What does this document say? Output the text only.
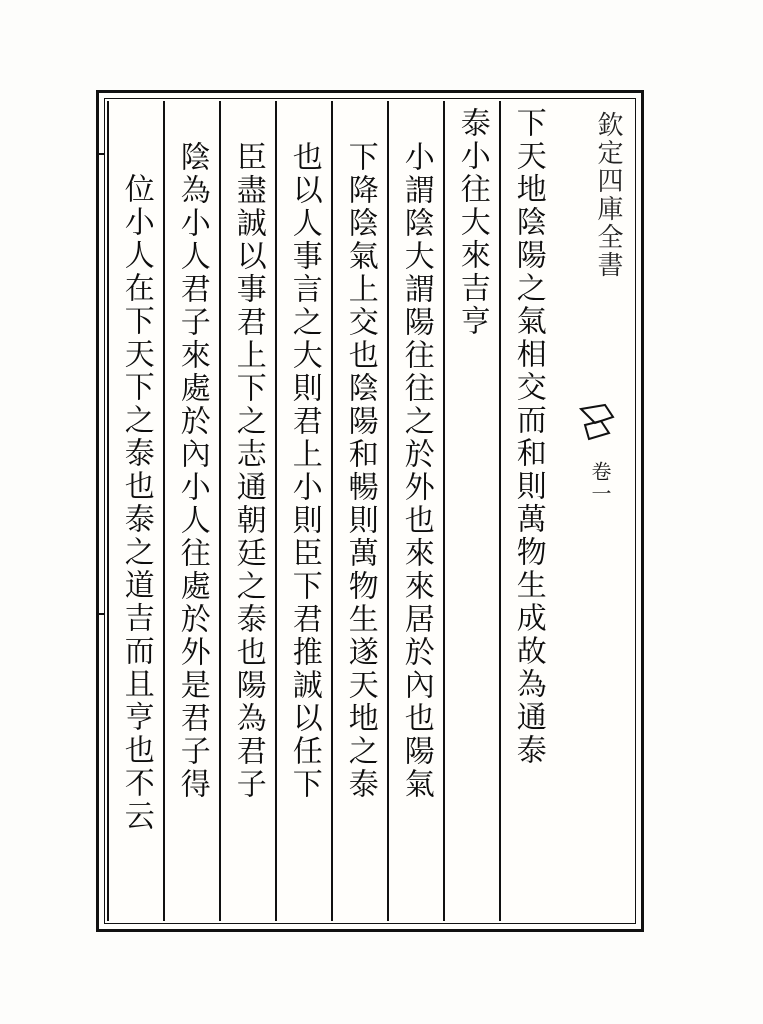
欽定四庫全書
卷一
下天地陰陽之氣相交而和則萬物生成故為通泰
泰小往大來吉亨
小謂陰大謂陽往往之於外也來來居於內也陽氣
下降陰氣上交也陰陽和暢則萬物生遂天地之泰
也以人事言之大則君上小則臣下君推誠以任下
臣盡誠以事君上下之志通朝廷之泰也陽為君子
陰為小人君子來處於內小人往處於外是君子得
位小人在下天下之泰也泰之道吉而且亨也不云
